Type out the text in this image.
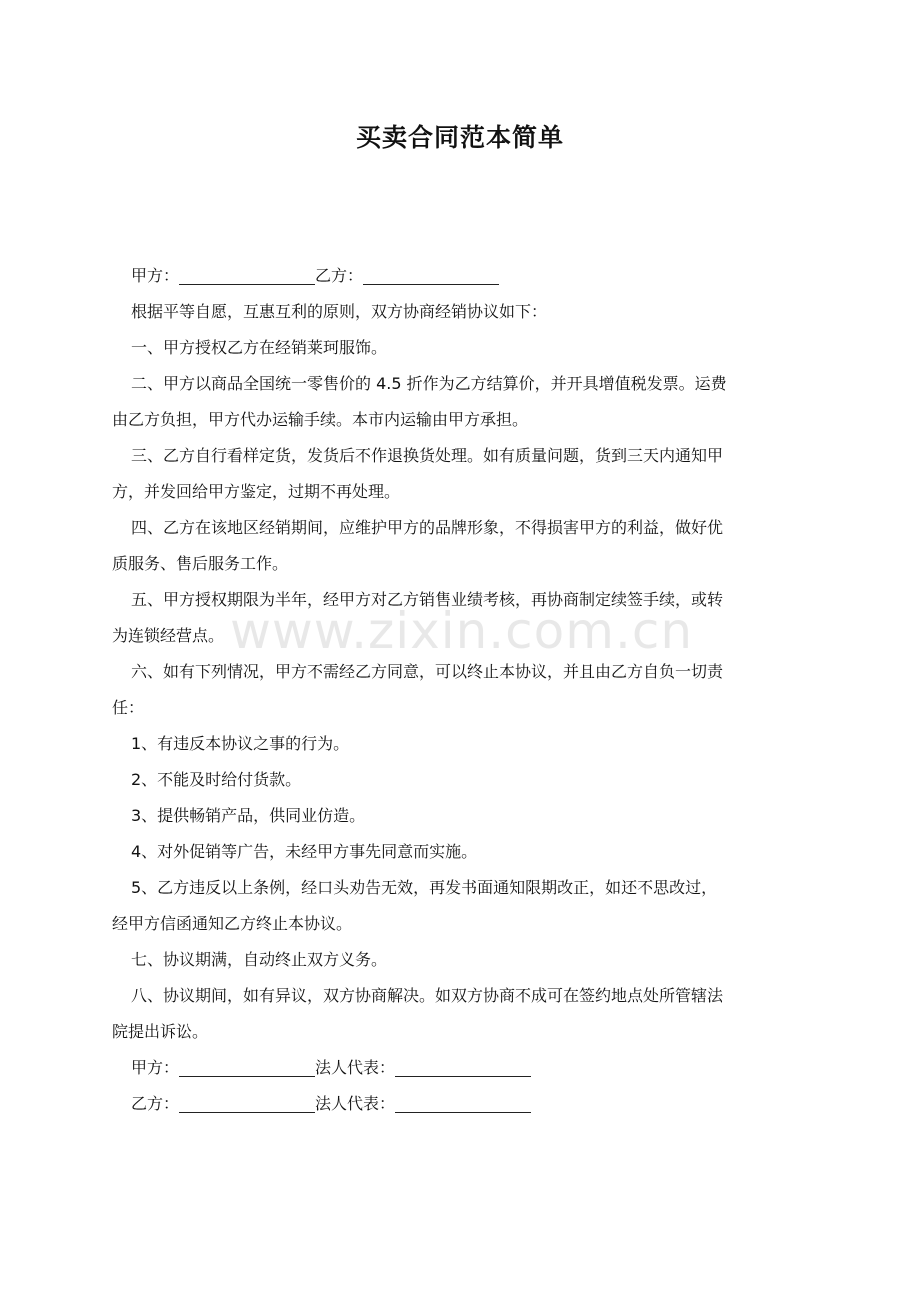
买卖合同范本简单
www.zixin.com.cn
甲方：	乙方：
根据平等自愿，互惠互利的原则，双方协商经销协议如下：
一、甲方授权乙方在经销莱珂服饰。
二、甲方以商品全国统一零售价的 4.5 折作为乙方结算价，并开具增值税发票。运费
由乙方负担，甲方代办运输手续。本市内运输由甲方承担。
三、乙方自行看样定货，发货后不作退换货处理。如有质量问题，货到三天内通知甲
方，并发回给甲方鉴定，过期不再处理。
四、乙方在该地区经销期间，应维护甲方的品牌形象，不得损害甲方的利益，做好优
质服务、售后服务工作。
五、甲方授权期限为半年，经甲方对乙方销售业绩考核，再协商制定续签手续，或转
为连锁经营点。
六、如有下列情况，甲方不需经乙方同意，可以终止本协议，并且由乙方自负一切责
任：
1、有违反本协议之事的行为。
2、不能及时给付货款。
3、提供畅销产品，供同业仿造。
4、对外促销等广告，未经甲方事先同意而实施。
5、乙方违反以上条例，经口头劝告无效，再发书面通知限期改正，如还不思改过，
经甲方信函通知乙方终止本协议。
七、协议期满，自动终止双方义务。
八、协议期间，如有异议，双方协商解决。如双方协商不成可在签约地点处所管辖法
院提出诉讼。
甲方：	法人代表：
乙方：	法人代表：
